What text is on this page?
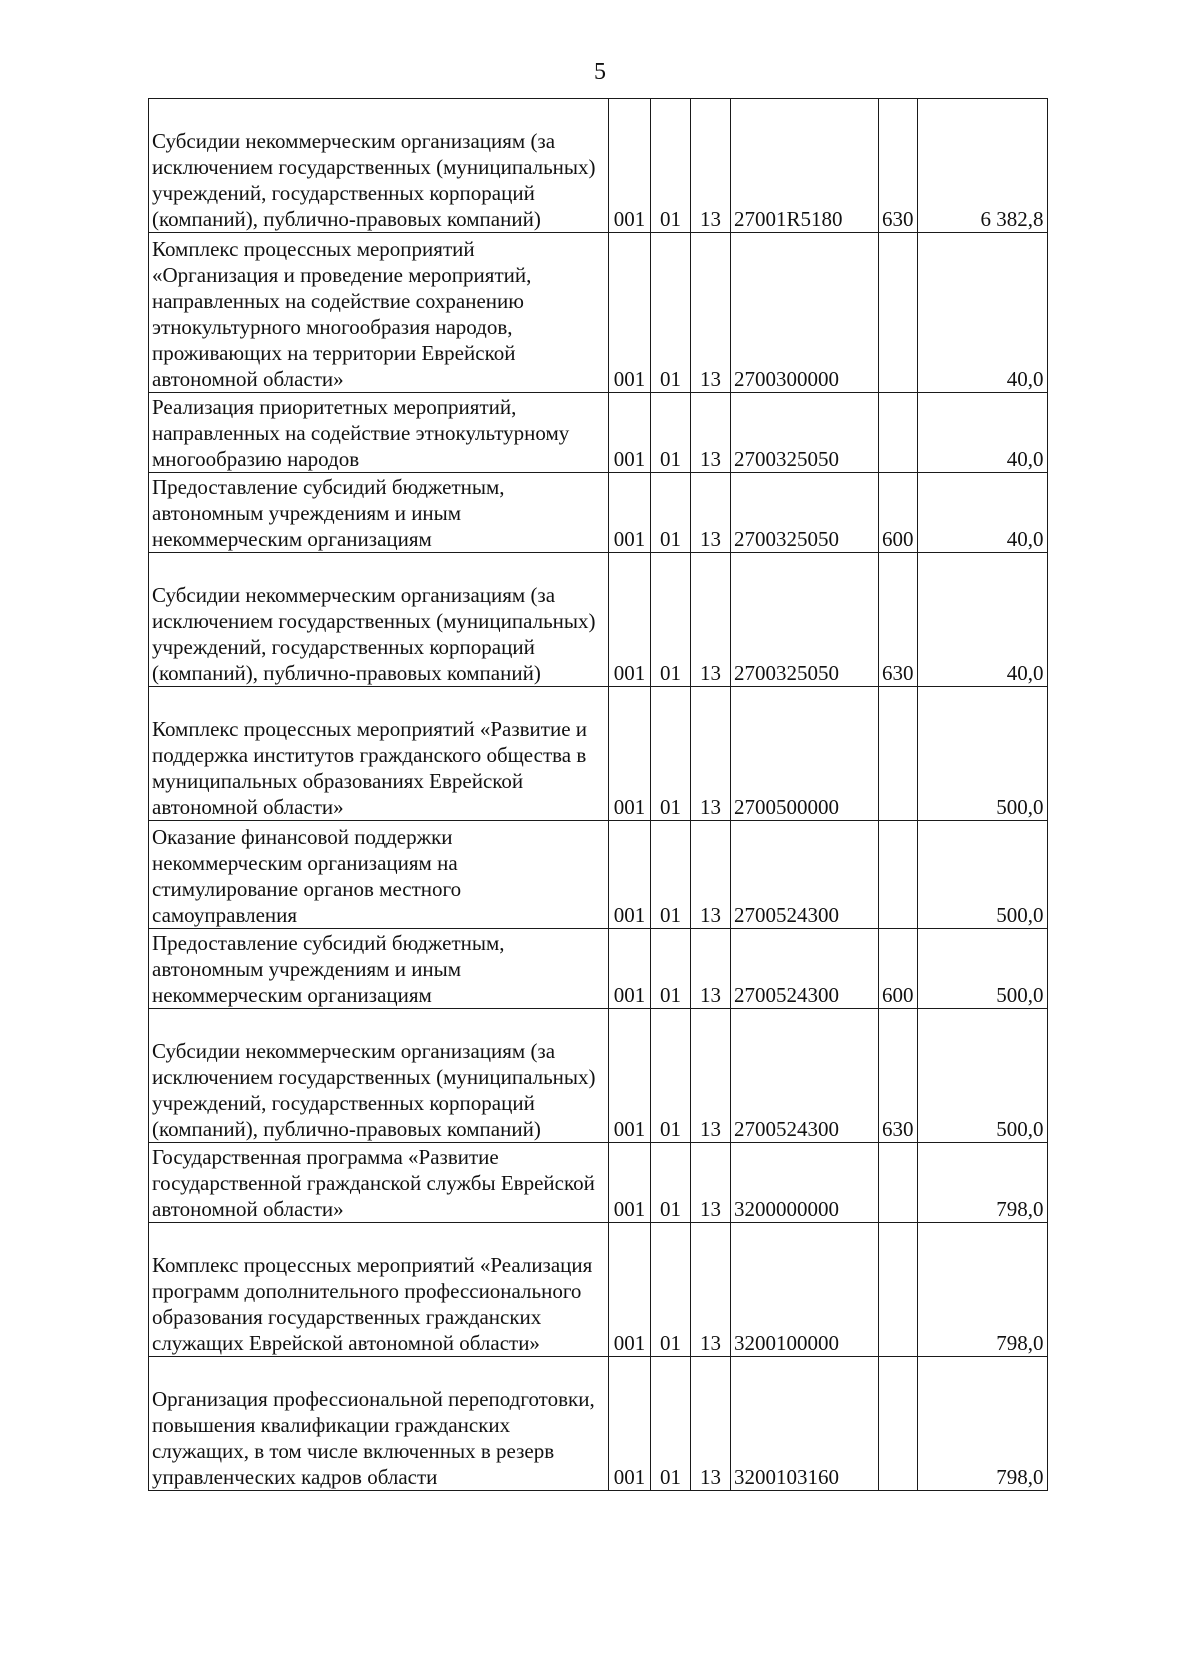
5
Субсидии некоммерческим организациям (за исключением государственных (муниципальных) учреждений, государственных корпораций (компаний), публично-правовых компаний)	001	01	13	27001R5180	630	6 382,8
Комплекс процессных мероприятий «Организация и проведение мероприятий, направленных на содействие сохранению этнокультурного многообразия народов, проживающих на территории Еврейской автономной области»	001	01	13	2700300000		40,0
Реализация приоритетных мероприятий, направленных на содействие этнокультурному многообразию народов	001	01	13	2700325050		40,0
Предоставление субсидий бюджетным, автономным учреждениям и иным некоммерческим организациям	001	01	13	2700325050	600	40,0
Субсидии некоммерческим организациям (за исключением государственных (муниципальных) учреждений, государственных корпораций (компаний), публично-правовых компаний)	001	01	13	2700325050	630	40,0
Комплекс процессных мероприятий «Развитие и поддержка институтов гражданского общества в муниципальных образованиях Еврейской автономной области»	001	01	13	2700500000		500,0
Оказание финансовой поддержки некоммерческим организациям на стимулирование органов местного самоуправления	001	01	13	2700524300		500,0
Предоставление субсидий бюджетным, автономным учреждениям и иным некоммерческим организациям	001	01	13	2700524300	600	500,0
Субсидии некоммерческим организациям (за исключением государственных (муниципальных) учреждений, государственных корпораций (компаний), публично-правовых компаний)	001	01	13	2700524300	630	500,0
Государственная программа «Развитие государственной гражданской службы Еврейской автономной области»	001	01	13	3200000000		798,0
Комплекс процессных мероприятий «Реализация программ дополнительного профессионального образования государственных гражданских служащих Еврейской автономной области»	001	01	13	3200100000		798,0
Организация профессиональной переподготовки, повышения квалификации гражданских служащих, в том числе включенных в резерв управленческих кадров области	001	01	13	3200103160		798,0
